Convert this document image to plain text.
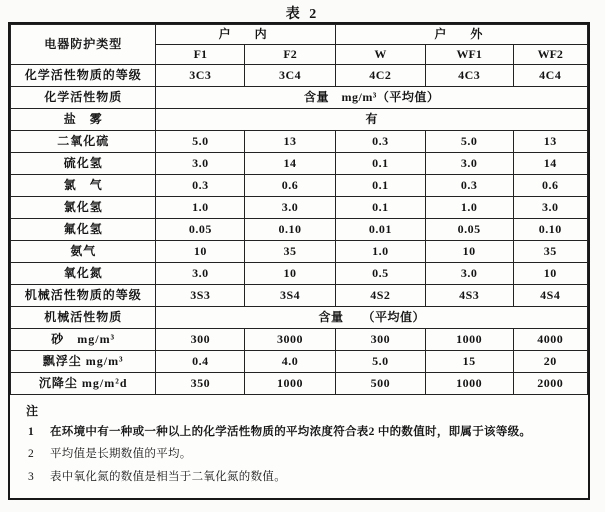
表 2
电器防护类型	户　内		户　外		
	F1	F2	W	WF1	WF2
化学活性物质的等级	3C3	3C4	4C2	4C3	4C4
化学活性物质	含量　mg/m³（平均值）				
盐　雾	有				
二氧化硫	5.0	13	0.3	5.0	13
硫化氢	3.0	14	0.1	3.0	14
氯　气	0.3	0.6	0.1	0.3	0.6
氯化氢	1.0	3.0	0.1	1.0	3.0
氟化氢	0.05	0.10	0.01	0.05	0.10
氨气	10	35	1.0	10	35
氧化氮	3.0	10	0.5	3.0	10
机械活性物质的等级	3S3	3S4	4S2	4S3	4S4
机械活性物质	含量　　（平均值）				
砂　mg/m³	300	3000	300	1000	4000
飘浮尘 mg/m³	0.4	4.0	5.0	15	20
沉降尘 mg/m²d	350	1000	500	1000	2000
注
1	在环境中有一种或一种以上的化学活性物质的平均浓度符合表2 中的数值时，即属于该等级。
2	平均值是长期数值的平均。
3	表中氧化氮的数值是相当于二氧化氮的数值。
